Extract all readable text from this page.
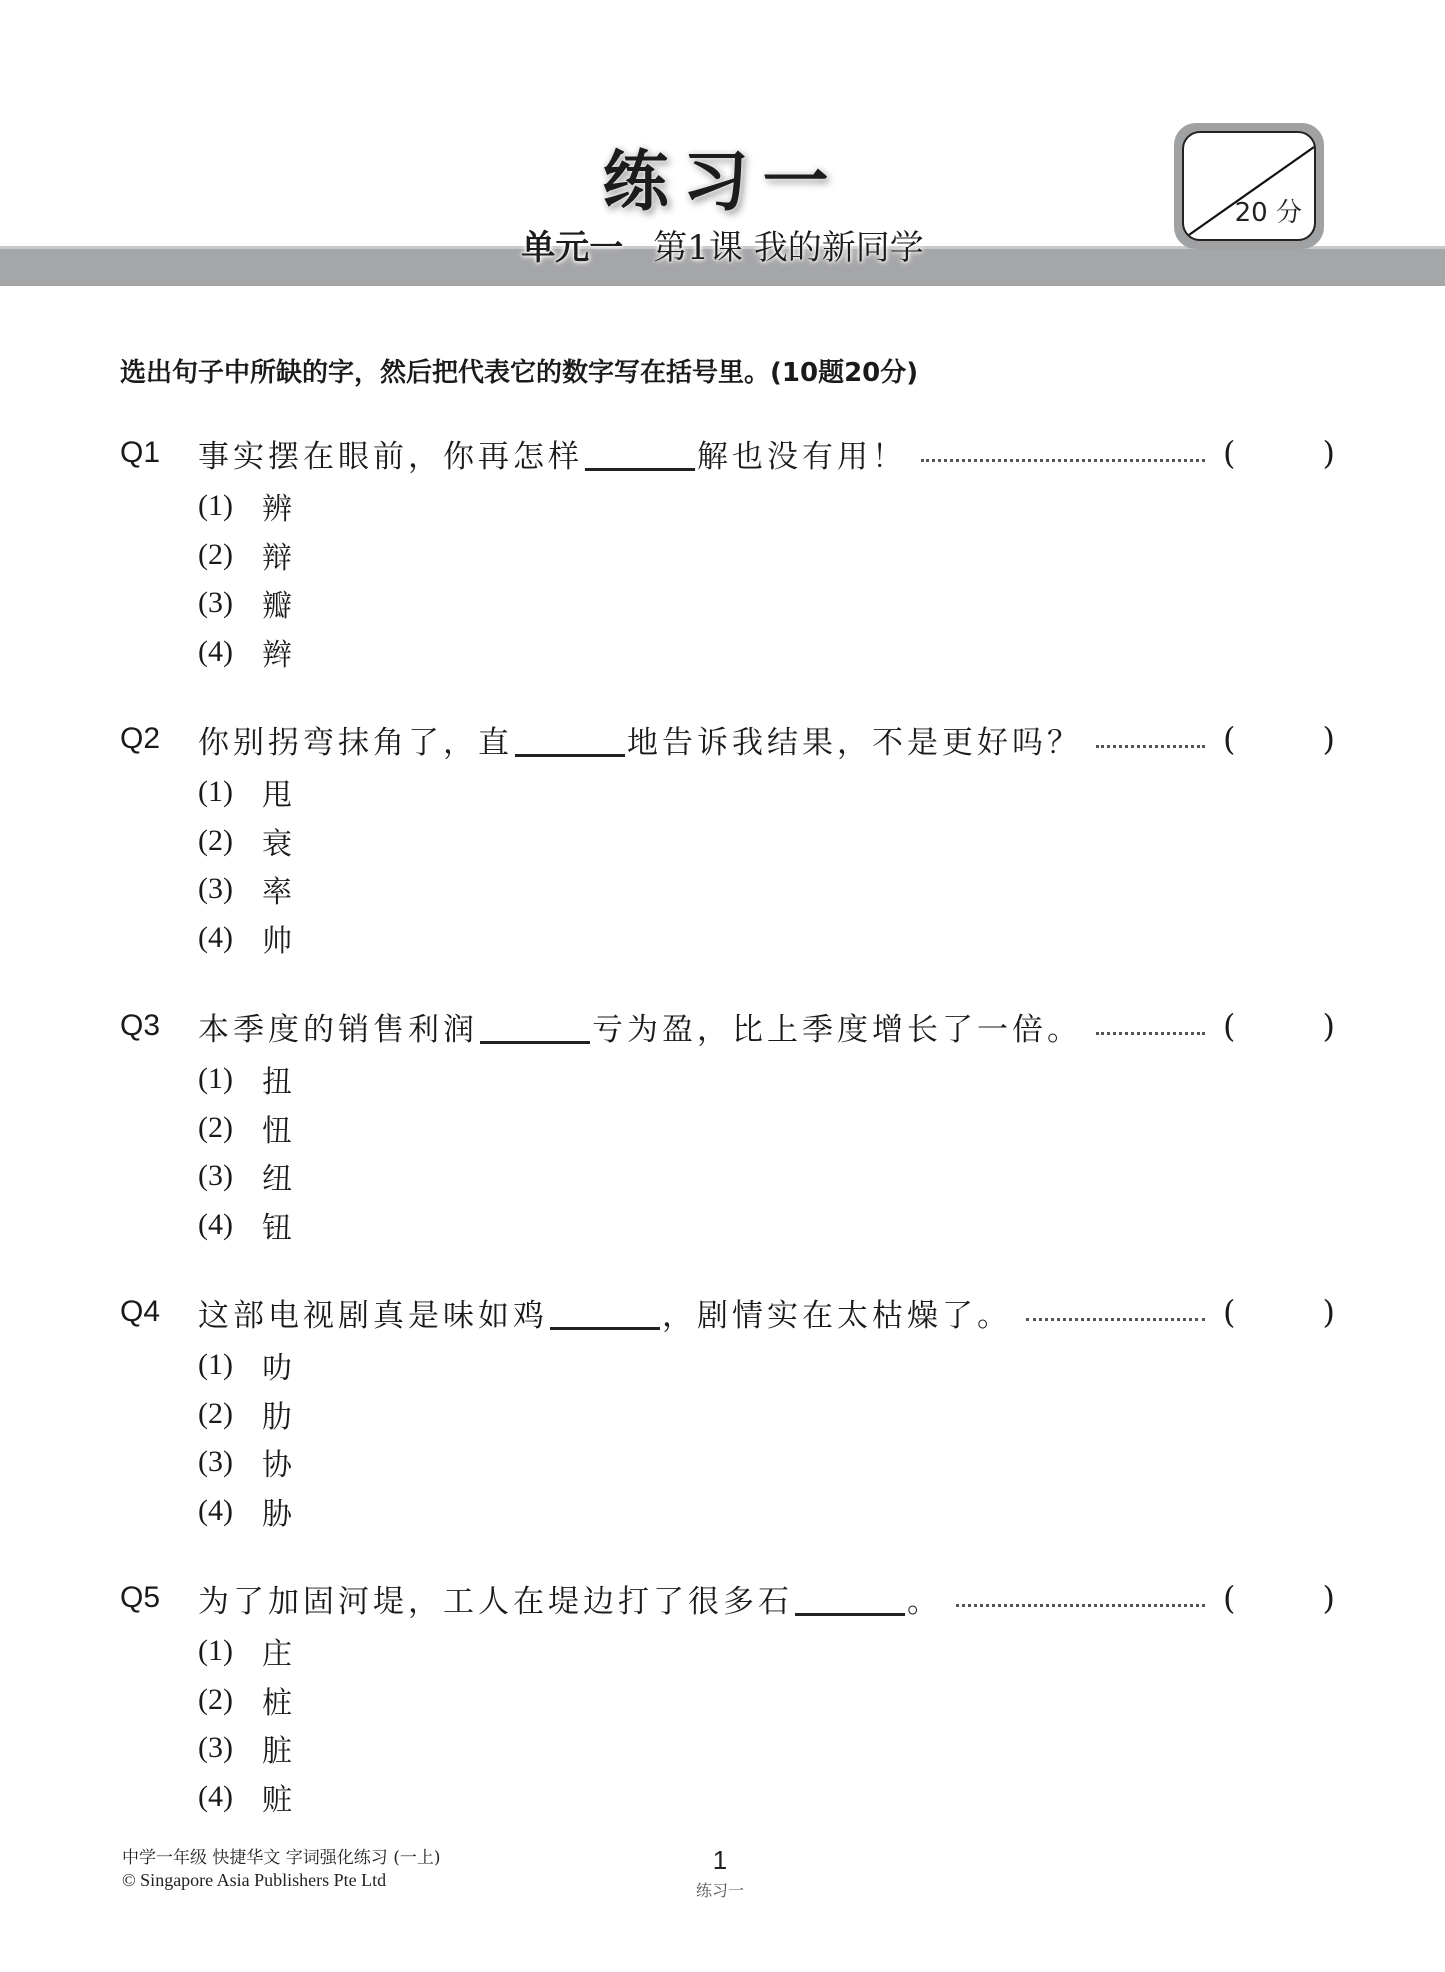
练习一
单元一 第1课 我的新同学
20 分
选出句子中所缺的字，然后把代表它的数字写在括号里。(10题20分)
Q1	事实摆在眼前，你再怎样	解也没有用！	(	)
(1) 辨
(2) 辩
(3) 瓣
(4) 辫
Q2	你别拐弯抹角了，直	地告诉我结果，不是更好吗？	(	)
(1) 甩
(2) 衰
(3) 率
(4) 帅
Q3	本季度的销售利润	亏为盈，比上季度增长了一倍。	(	)
(1) 扭
(2) 忸
(3) 纽
(4) 钮
Q4	这部电视剧真是味如鸡	，剧情实在太枯燥了。	(	)
(1) 叻
(2) 肋
(3) 协
(4) 胁
Q5	为了加固河堤，工人在堤边打了很多石	。	(	)
(1) 庄
(2) 桩
(3) 脏
(4) 赃
中学一年级 快捷华文 字词强化练习 (一上)
© Singapore Asia Publishers Pte Ltd
1
练习一
